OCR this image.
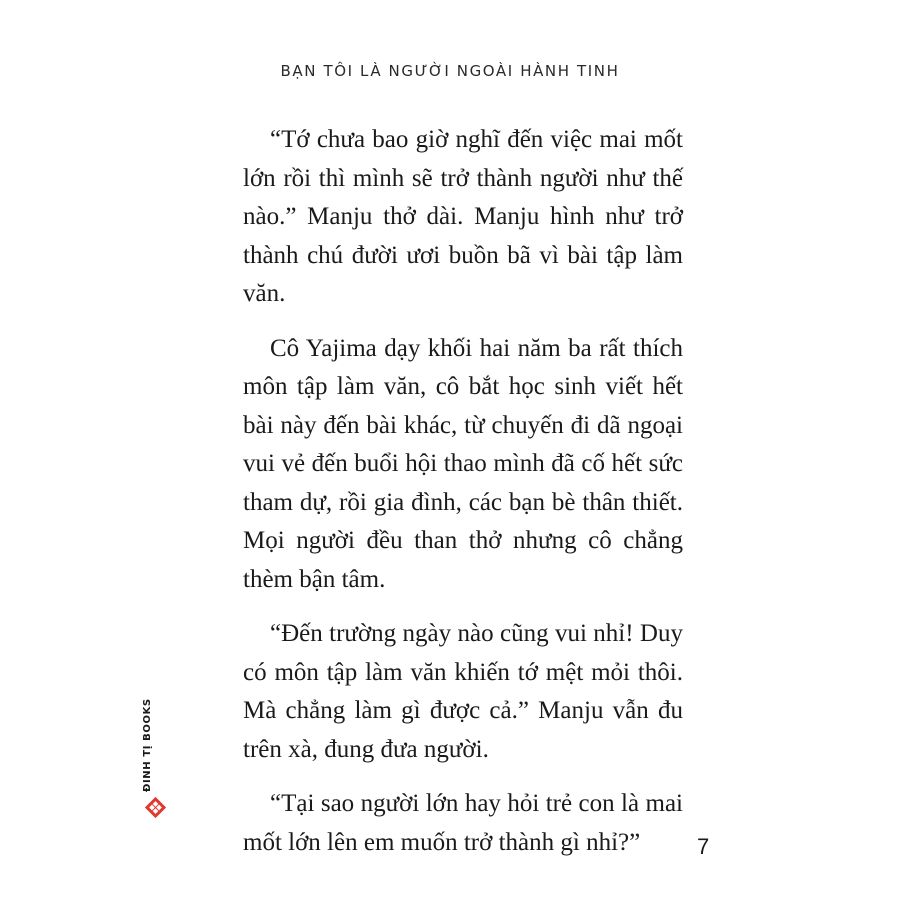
BẠN TÔI LÀ NGƯỜI NGOÀI HÀNH TINH

“Tớ chưa bao giờ nghĩ đến việc mai mốt lớn rồi thì mình sẽ trở thành người như thế nào.” Manju thở dài. Manju hình như trở thành chú đười ươi buồn bã vì bài tập làm văn.

Cô Yajima dạy khối hai năm ba rất thích môn tập làm văn, cô bắt học sinh viết hết bài này đến bài khác, từ chuyến đi dã ngoại vui vẻ đến buổi hội thao mình đã cố hết sức tham dự, rồi gia đình, các bạn bè thân thiết. Mọi người đều than thở nhưng cô chẳng thèm bận tâm.

“Đến trường ngày nào cũng vui nhỉ! Duy có môn tập làm văn khiến tớ mệt mỏi thôi. Mà chẳng làm gì được cả.” Manju vẫn đu trên xà, đung đưa người.

“Tại sao người lớn hay hỏi trẻ con là mai mốt lớn lên em muốn trở thành gì nhỉ?”

ĐINH TỊ BOOKS
7
